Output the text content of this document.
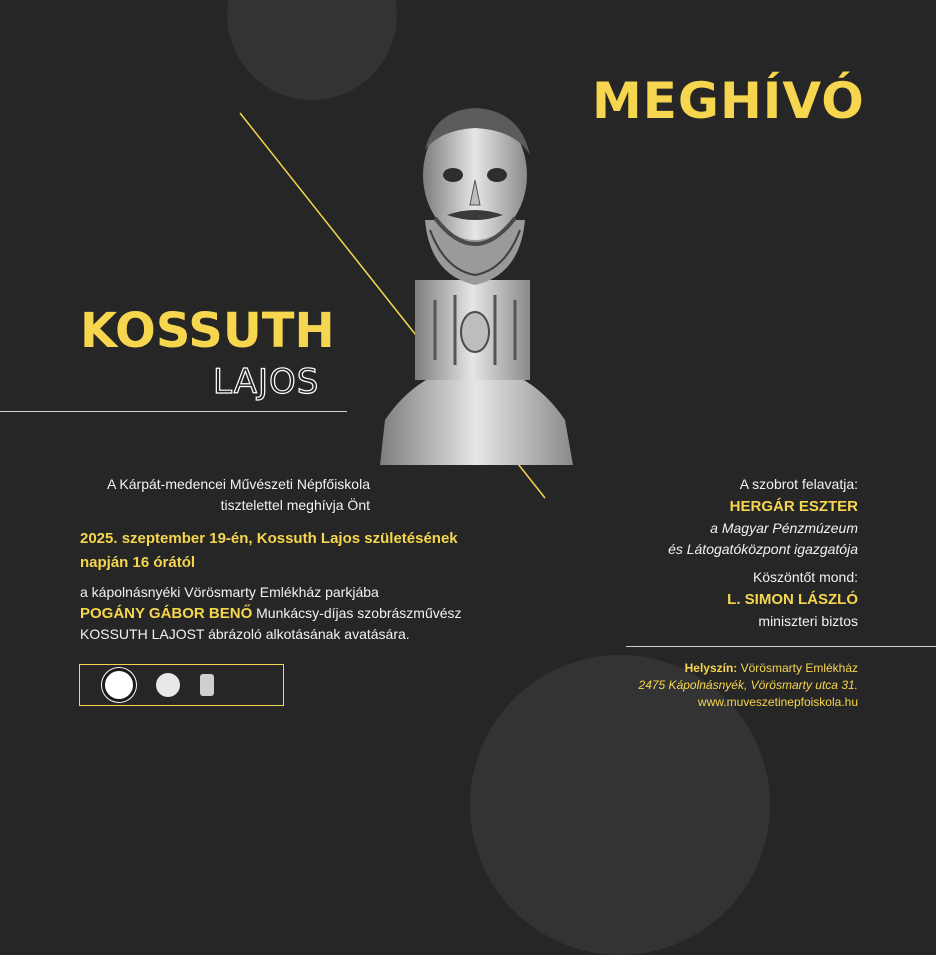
MEGHÍVÓ
KOSSUTH
LAJOS
A Kárpát-medencei Művészeti Népfőiskola
tisztelettel meghívja Önt
2025. szeptember 19-én, Kossuth Lajos születésének
napján 16 órától
a kápolnásnyéki Vörösmarty Emlékház parkjába
POGÁNY GÁBOR BENŐ Munkácsy-díjas szobrászművész
KOSSUTH LAJOST ábrázoló alkotásának avatására.
A szobrot felavatja:
HERGÁR ESZTER
a Magyar Pénzmúzeum
és Látogatóközpont igazgatója
Köszöntőt mond:
L. SIMON LÁSZLÓ
miniszteri biztos
Helyszín: Vörösmarty Emlékház
2475 Kápolnásnyék, Vörösmarty utca 31.
www.muveszetinepfoiskola.hu
